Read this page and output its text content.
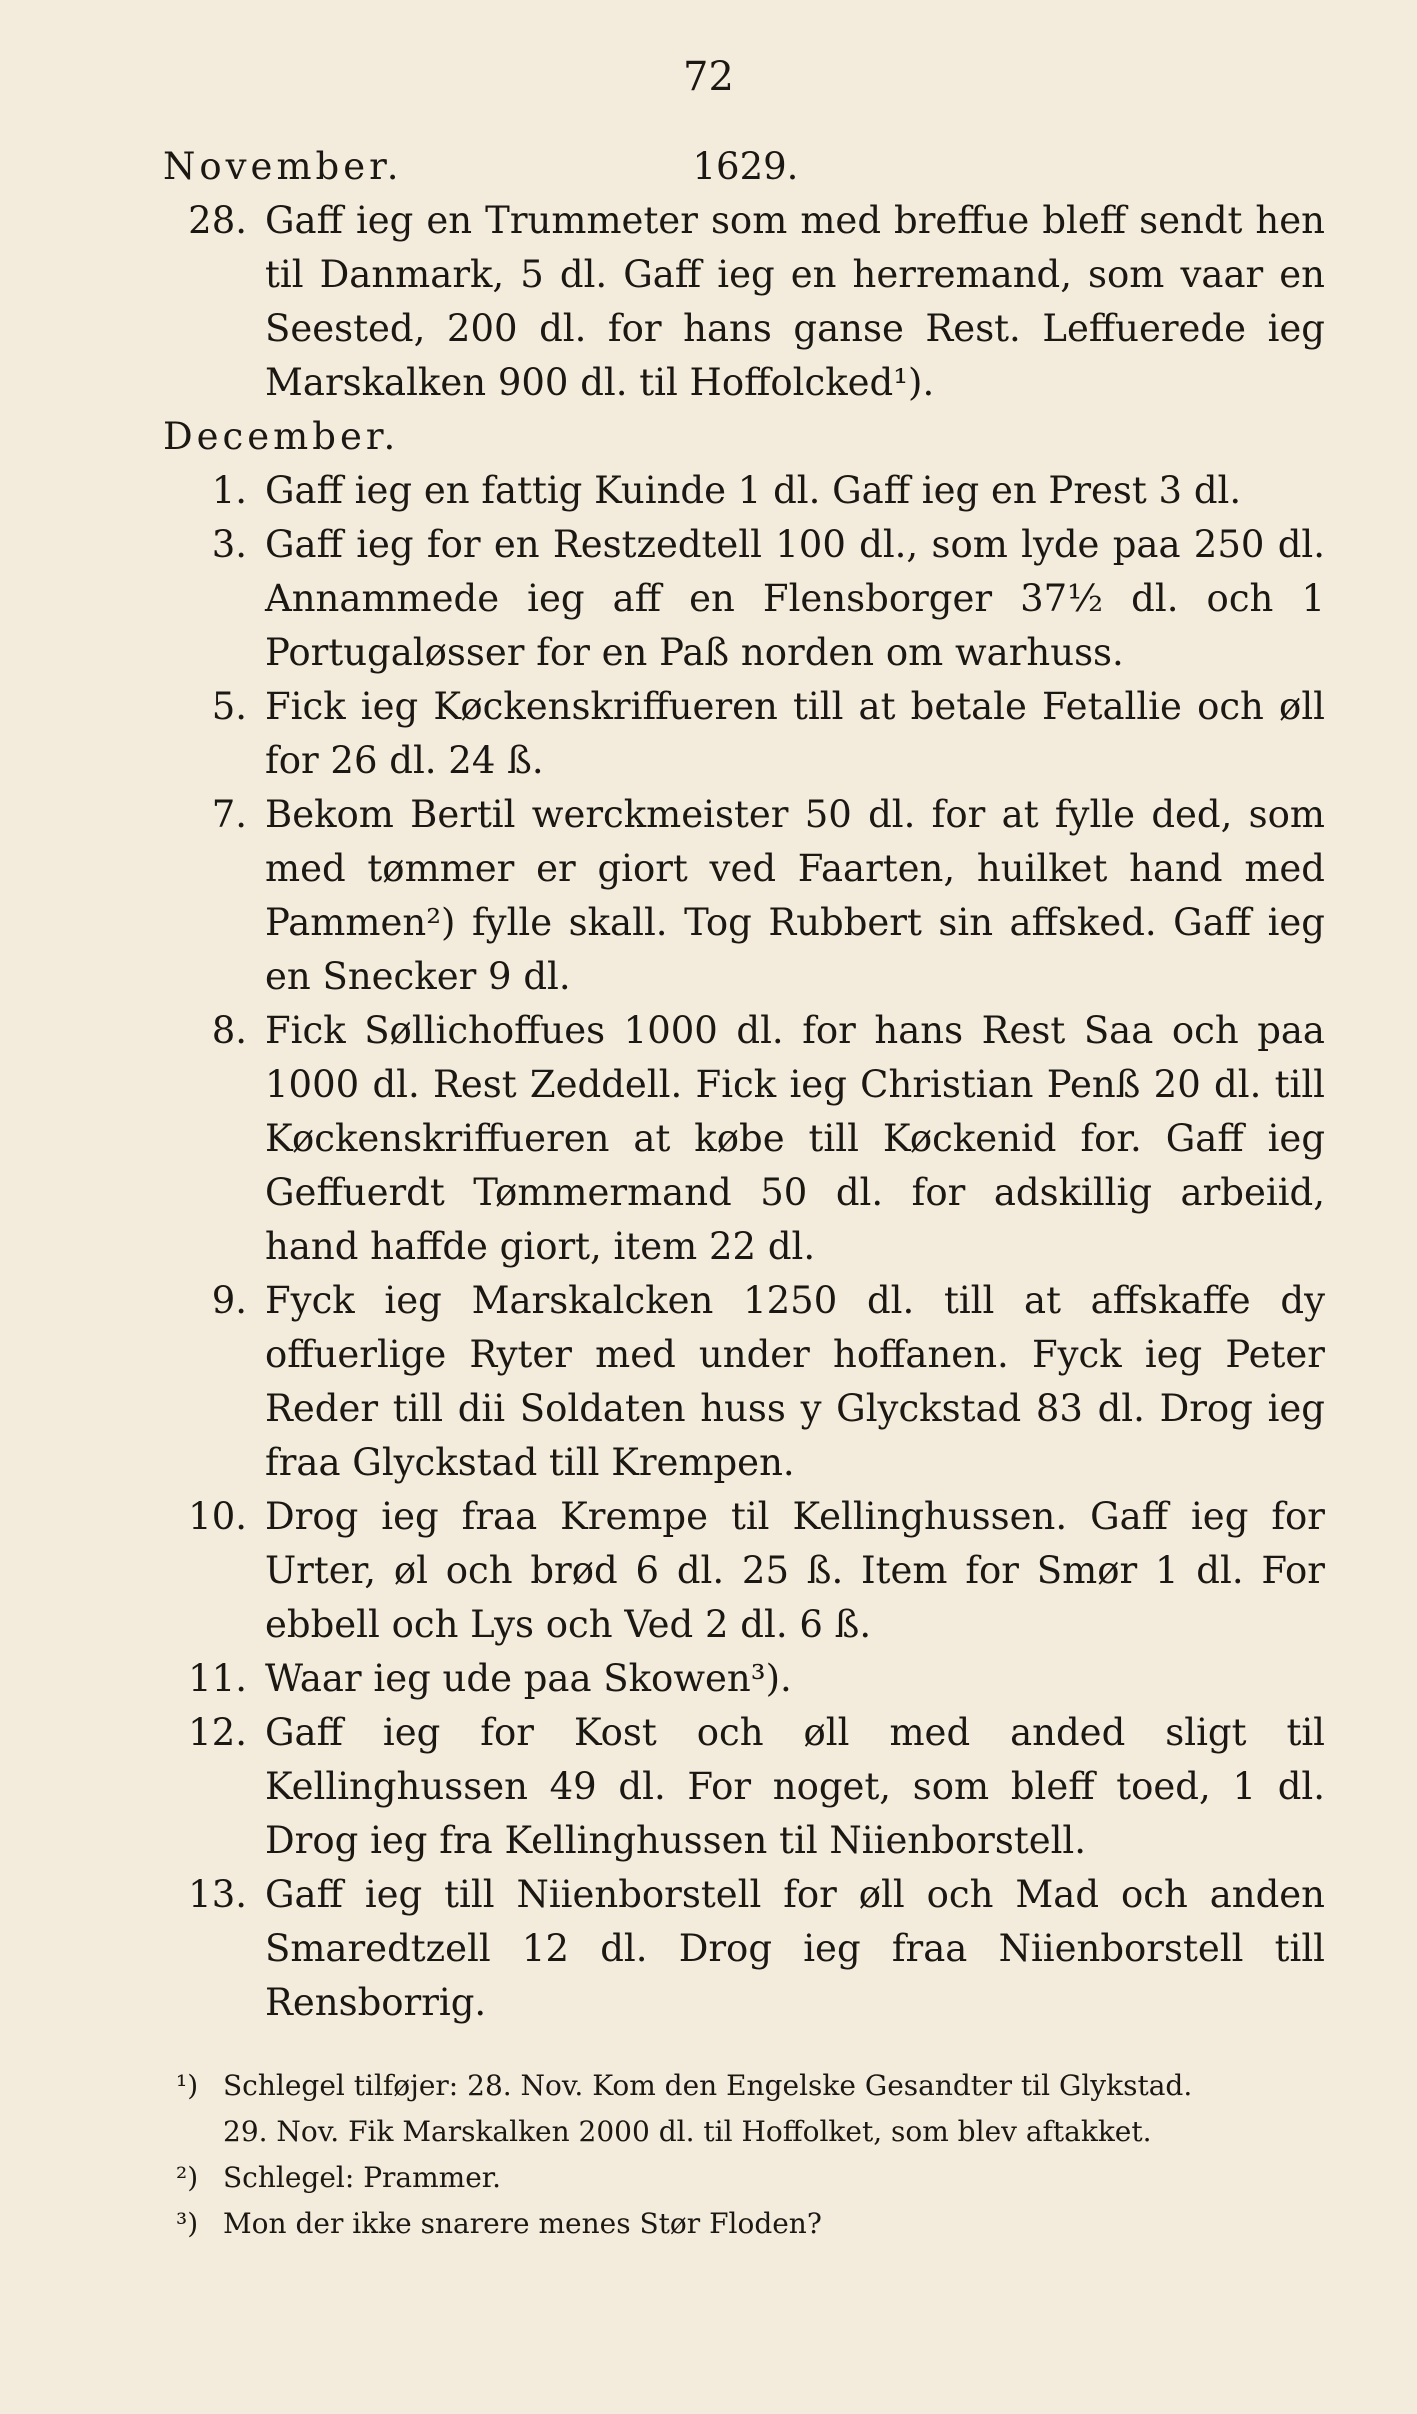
72
November.	1629.
28. Gaff ieg en Trummeter som med breffue bleff sendt hen til Danmark, 5 dl. Gaff ieg en herremand, som vaar en Seested, 200 dl. for hans ganse Rest. Leffuerede ieg Marskalken 900 dl. til Hoffolcked¹).
December.
1. Gaff ieg en fattig Kuinde 1 dl. Gaff ieg en Prest 3 dl.
3. Gaff ieg for en Restzedtell 100 dl., som lyde paa 250 dl. Annammede ieg aff en Flensborger 37½ dl. och 1 Portugaløsser for en Paß norden om warhuss.
5. Fick ieg Køckenskriffueren till at betale Fetallie och øll for 26 dl. 24 ß.
7. Bekom Bertil werckmeister 50 dl. for at fylle ded, som med tømmer er giort ved Faarten, huilket hand med Pammen²) fylle skall. Tog Rubbert sin affsked. Gaff ieg en Snecker 9 dl.
8. Fick Søllichoffues 1000 dl. for hans Rest Saa och paa 1000 dl. Rest Zeddell. Fick ieg Christian Penß 20 dl. till Køckenskriffueren at købe till Køckenid for. Gaff ieg Geffuerdt Tømmermand 50 dl. for adskillig arbeiid, hand haffde giort, item 22 dl.
9. Fyck ieg Marskalcken 1250 dl. till at affskaffe dy offuerlige Ryter med under hoffanen. Fyck ieg Peter Reder till dii Soldaten huss y Glyckstad 83 dl. Drog ieg fraa Glyckstad till Krempen.
10. Drog ieg fraa Krempe til Kellinghussen. Gaff ieg for Urter, øl och brød 6 dl. 25 ß. Item for Smør 1 dl. For ebbell och Lys och Ved 2 dl. 6 ß.
11. Waar ieg ude paa Skowen³).
12. Gaff ieg for Kost och øll med anded sligt til Kellinghussen 49 dl. For noget, som bleff toed, 1 dl. Drog ieg fra Kellinghussen til Niienborstell.
13. Gaff ieg till Niienborstell for øll och Mad och anden Smaredtzell 12 dl. Drog ieg fraa Niienborstell till Rensborrig.
¹) Schlegel tilføjer: 28. Nov. Kom den Engelske Gesandter til Glykstad.
29. Nov. Fik Marskalken 2000 dl. til Hoffolket, som blev aftakket.
²) Schlegel: Prammer.
³) Mon der ikke snarere menes Stør Floden?
